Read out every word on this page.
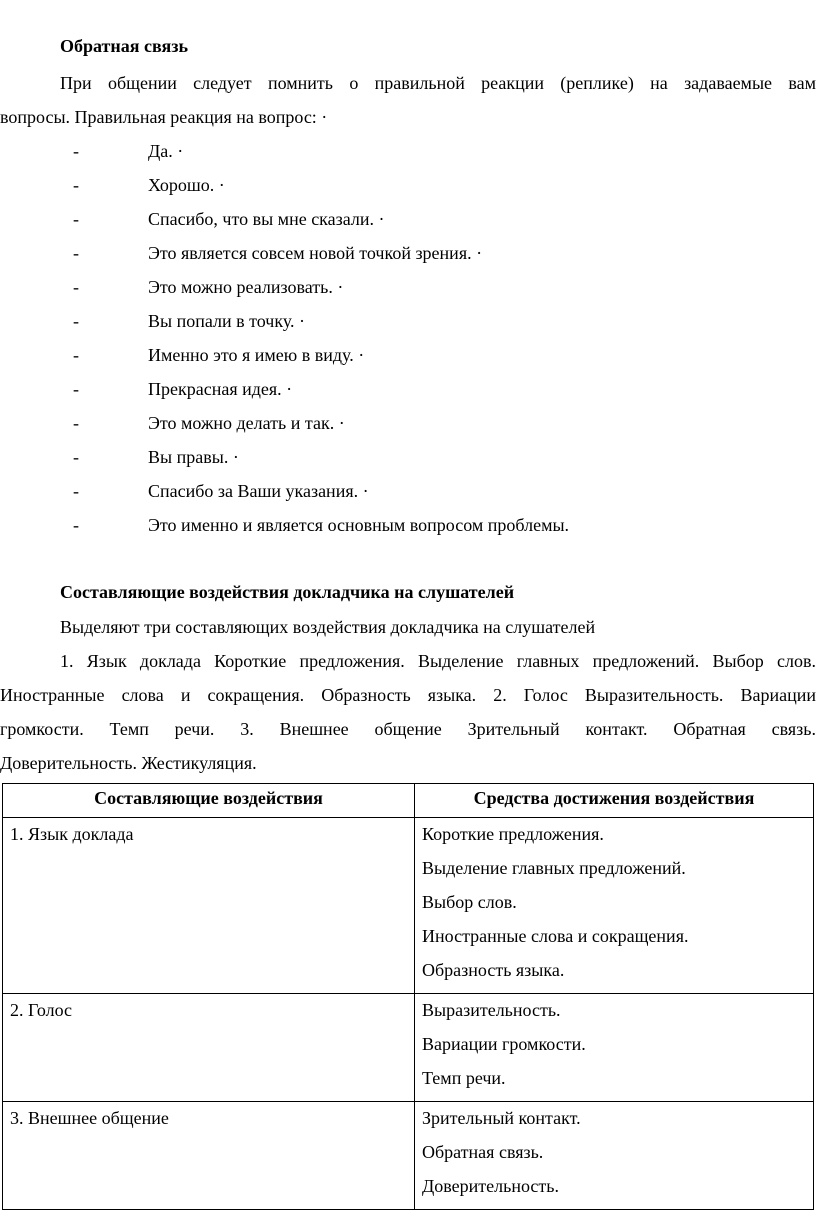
Обратная связь
При общении следует помнить о правильной реакции (реплике) на задаваемые вам
вопросы. Правильная реакция на вопрос: ·
-	Да. ·
-	Хорошо. ·
-	Спасибо, что вы мне сказали. ·
-	Это является совсем новой точкой зрения. ·
-	Это можно реализовать. ·
-	Вы попали в точку. ·
-	Именно это я имею в виду. ·
-	Прекрасная идея. ·
-	Это можно делать и так. ·
-	Вы правы. ·
-	Спасибо за Ваши указания. ·
-	Это именно и является основным вопросом проблемы.
Составляющие воздействия докладчика на слушателей
Выделяют три составляющих воздействия докладчика на слушателей
1. Язык доклада Короткие предложения. Выделение главных предложений. Выбор слов.
Иностранные слова и сокращения. Образность языка. 2. Голос Выразительность. Вариации
громкости. Темп речи. 3. Внешнее общение Зрительный контакт. Обратная связь.
Доверительность. Жестикуляция.
Составляющие воздействия	Средства достижения воздействия
1. Язык доклада	Короткие предложения.
Выделение главных предложений.
Выбор слов.
Иностранные слова и сокращения.
Образность языка.

2. Голос	Выразительность.
Вариации громкости.
Темп речи.

3. Внешнее общение	Зрительный контакт.
Обратная связь.
Доверительность.
